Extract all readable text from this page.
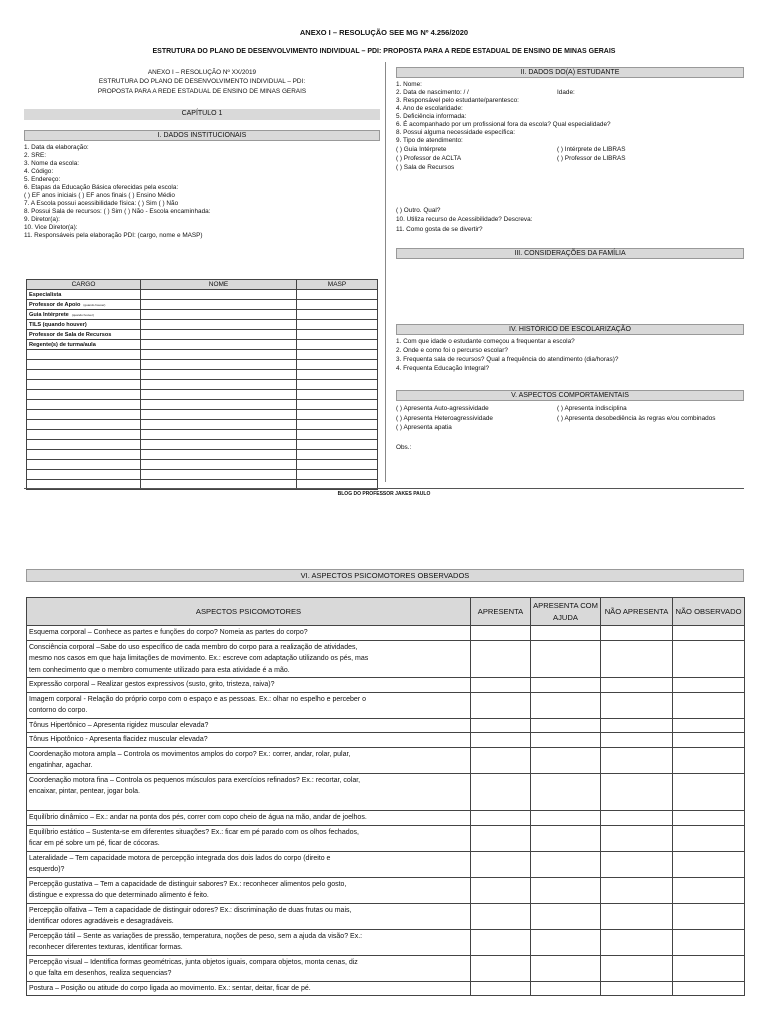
ANEXO I – RESOLUÇÃO SEE MG Nº 4.256/2020
ESTRUTURA DO PLANO DE DESENVOLVIMENTO INDIVIDUAL – PDI: PROPOSTA PARA A REDE ESTADUAL DE ENSINO DE MINAS GERAIS
ANEXO I – RESOLUÇÃO Nº XX/2019
ESTRUTURA DO PLANO DE DESENVOLVIMENTO INDIVIDUAL – PDI:
PROPOSTA PARA A REDE ESTADUAL DE ENSINO DE MINAS GERAIS
CAPÍTULO 1
I. DADOS INSTITUCIONAIS
1. Data da elaboração:
2. SRE:
3. Nome da escola:
4. Código:
5. Endereço:
6. Etapas da Educação Básica oferecidas pela escola:
( ) EF anos iniciais ( ) EF anos finais ( ) Ensino Médio
7. A Escola possui acessibilidade física: ( ) Sim ( ) Não
8. Possui Sala de recursos: ( ) Sim ( ) Não - Escola encaminhada:
9. Diretor(a):
10. Vice Diretor(a):
11. Responsáveis pela elaboração PDI: (cargo, nome e MASP)
CARGO	NOME	MASP
Especialista		
Professor de Apoio (quando houver)		
Guia Intérprete (quando houver)		
TILS (quando houver)		
Professor de Sala de Recursos		
Regente(s) de turma/aula		

II. DADOS DO(A) ESTUDANTE
1. Nome:
2. Data de nascimento: / /
3. Responsável pelo estudante/parentesco:
4. Ano de escolaridade:
5. Deficiência informada:
6. É acompanhado por um profissional fora da escola? Qual especialidade?
8. Possui alguma necessidade específica:
9. Tipo de atendimento:
Idade:
( ) Guia Intérprete
( ) Professor de ACLTA
( ) Sala de Recursos
( ) Intérprete de LIBRAS
( ) Professor de LIBRAS
( ) Outro. Qual?
10. Utiliza recurso de Acessibilidade? Descreva:
11. Como gosta de se divertir?
III. CONSIDERAÇÕES DA FAMÍLIA
IV. HISTÓRICO DE ESCOLARIZAÇÃO
1. Com que idade o estudante começou a frequentar a escola?
2. Onde e como foi o percurso escolar?
3. Frequenta sala de recursos? Qual a frequência do atendimento (dia/horas)?
4. Frequenta Educação Integral?
V. ASPECTOS COMPORTAMENTAIS
( ) Apresenta Auto-agressividade
( ) Apresenta Heteroagressividade
( ) Apresenta apatia
( ) Apresenta indisciplina
( ) Apresenta desobediência às regras e/ou combinados
Obs.:
BLOG DO PROFESSOR JAKES PAULO
VI. ASPECTOS PSICOMOTORES OBSERVADOS
ASPECTOS PSICOMOTORES	APRESENTA	APRESENTA COM AJUDA	NÃO APRESENTA	NÃO OBSERVADO

Esquema corporal – Conhece as partes e funções do corpo? Nomeia as partes do corpo?				

Consciência corporal –Sabe do uso específico de cada membro do corpo para a realização de atividades,
mesmo nos casos em que haja limitações de movimento. Ex.: escreve com adaptação utilizando os pés, mas
tem conhecimento que o membro comumente utilizado para esta atividade é a mão.				

Expressão corporal – Realizar gestos expressivos (susto, grito, tristeza, raiva)?				

Imagem corporal - Relação do próprio corpo com o espaço e as pessoas. Ex.: olhar no espelho e perceber o
contorno do corpo.				

Tônus Hipertônico – Apresenta rigidez muscular elevada?				

Tônus Hipotônico - Apresenta flacidez muscular elevada?				

Coordenação motora ampla – Controla os movimentos amplos do corpo? Ex.: correr, andar, rolar, pular,
engatinhar, agachar.				

Coordenação motora fina – Controla os pequenos músculos para exercícios refinados? Ex.: recortar, colar,
encaixar, pintar, pentear, jogar bola.				

Equilíbrio dinâmico – Ex.: andar na ponta dos pés, correr com copo cheio de água na mão, andar de joelhos.				

Equilíbrio estático – Sustenta-se em diferentes situações? Ex.: ficar em pé parado com os olhos fechados,
ficar em pé sobre um pé, ficar de cócoras.				

Lateralidade – Tem capacidade motora de percepção integrada dos dois lados do corpo (direito e
esquerdo)?				

Percepção gustativa – Tem a capacidade de distinguir sabores? Ex.: reconhecer alimentos pelo gosto,
distingue e expressa do que determinado alimento é feito.				

Percepção olfativa – Tem a capacidade de distinguir odores? Ex.: discriminação de duas frutas ou mais,
identificar odores agradáveis e desagradáveis.				

Percepção tátil – Sente as variações de pressão, temperatura, noções de peso, sem a ajuda da visão? Ex.:
reconhecer diferentes texturas, identificar formas.				

Percepção visual – Identifica formas geométricas, junta objetos iguais, compara objetos, monta cenas, diz
o que falta em desenhos, realiza sequencias?				

Postura – Posição ou atitude do corpo ligada ao movimento. Ex.: sentar, deitar, ficar de pé.				
